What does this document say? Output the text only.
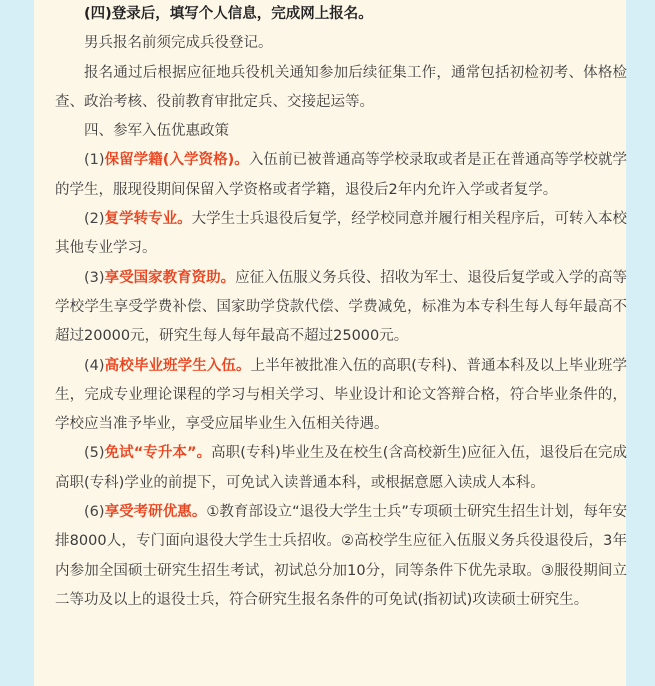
(四)登录后，填写个人信息，完成网上报名。

男兵报名前须完成兵役登记。

报名通过后根据应征地兵役机关通知参加后续征集工作，通常包括初检初考、体格检查、政治考核、役前教育审批定兵、交接起运等。

四、参军入伍优惠政策

(1)保留学籍(入学资格)。入伍前已被普通高等学校录取或者是正在普通高等学校就学的学生，服现役期间保留入学资格或者学籍，退役后2年内允许入学或者复学。

(2)复学转专业。大学生士兵退役后复学，经学校同意并履行相关程序后，可转入本校其他专业学习。

(3)享受国家教育资助。应征入伍服义务兵役、招收为军士、退役后复学或入学的高等学校学生享受学费补偿、国家助学贷款代偿、学费减免，标准为本专科生每人每年最高不超过20000元，研究生每人每年最高不超过25000元。

(4)高校毕业班学生入伍。上半年被批准入伍的高职(专科)、普通本科及以上毕业班学生，完成专业理论课程的学习与相关学习、毕业设计和论文答辩合格，符合毕业条件的，学校应当准予毕业，享受应届毕业生入伍相关待遇。

(5)免试“专升本”。高职(专科)毕业生及在校生(含高校新生)应征入伍，退役后在完成高职(专科)学业的前提下，可免试入读普通本科，或根据意愿入读成人本科。

(6)享受考研优惠。①教育部设立“退役大学生士兵”专项硕士研究生招生计划，每年安排8000人，专门面向退役大学生士兵招收。②高校学生应征入伍服义务兵役退役后，3年内参加全国硕士研究生招生考试，初试总分加10分，同等条件下优先录取。③服役期间立二等功及以上的退役士兵，符合研究生报名条件的可免试(指初试)攻读硕士研究生。
